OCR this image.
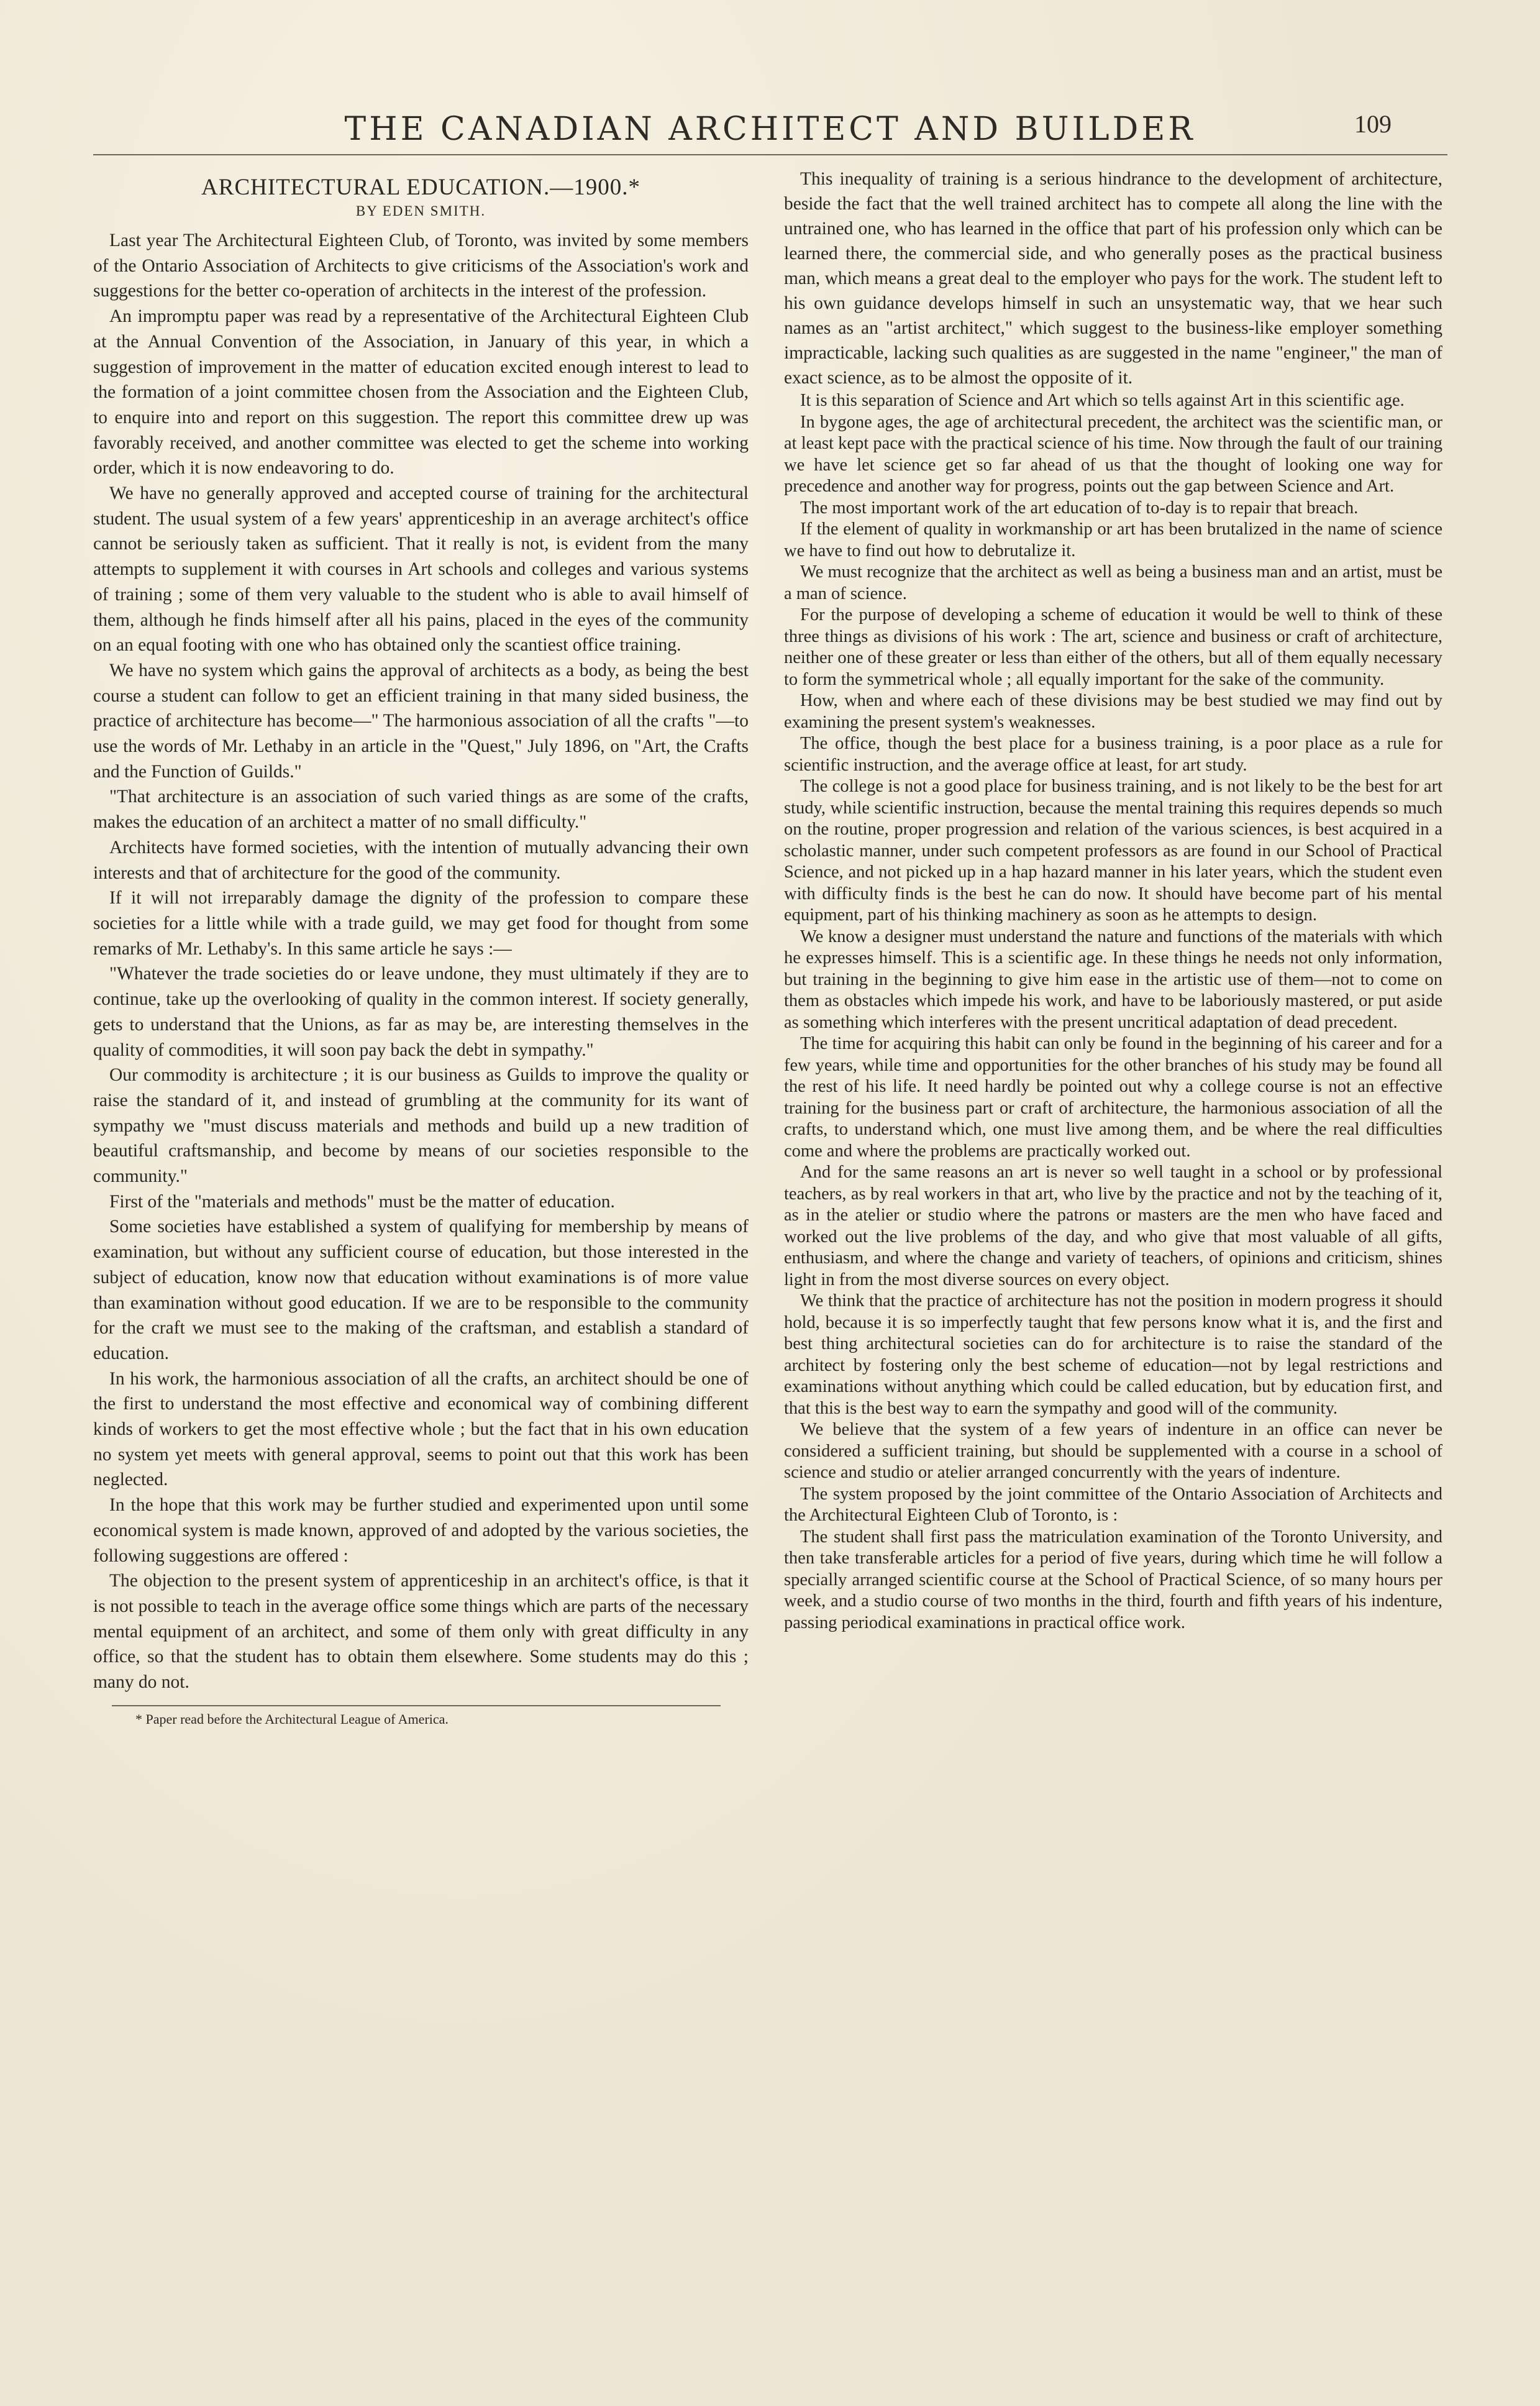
THE CANADIAN ARCHITECT AND BUILDER	109
ARCHITECTURAL EDUCATION.—1900.*
BY EDEN SMITH.

Last year The Architectural Eighteen Club, of Toronto, was invited by some members of the Ontario Association of Architects to give criticisms of the Association's work and suggestions for the better co-operation of architects in the interest of the profession.

An impromptu paper was read by a representative of the Architectural Eighteen Club at the Annual Convention of the Association, in January of this year, in which a suggestion of improvement in the matter of education excited enough interest to lead to the formation of a joint committee chosen from the Association and the Eighteen Club, to enquire into and report on this suggestion. The report this committee drew up was favorably received, and another committee was elected to get the scheme into working order, which it is now endeavoring to do.

We have no generally approved and accepted course of training for the architectural student. The usual system of a few years' apprenticeship in an average architect's office cannot be seriously taken as sufficient. That it really is not, is evident from the many attempts to supplement it with courses in Art schools and colleges and various systems of training ; some of them very valuable to the student who is able to avail himself of them, although he finds himself after all his pains, placed in the eyes of the community on an equal footing with one who has obtained only the scantiest office training.

We have no system which gains the approval of architects as a body, as being the best course a student can follow to get an efficient training in that many sided business, the practice of architecture has become—" The harmonious association of all the crafts "—to use the words of Mr. Lethaby in an article in the "Quest," July 1896, on "Art, the Crafts and the Function of Guilds."

"That architecture is an association of such varied things as are some of the crafts, makes the education of an architect a matter of no small difficulty."

Architects have formed societies, with the intention of mutually advancing their own interests and that of architecture for the good of the community.

If it will not irreparably damage the dignity of the profession to compare these societies for a little while with a trade guild, we may get food for thought from some remarks of Mr. Lethaby's. In this same article he says :—

"Whatever the trade societies do or leave undone, they must ultimately if they are to continue, take up the overlooking of quality in the common interest. If society generally, gets to understand that the Unions, as far as may be, are interesting themselves in the quality of commodities, it will soon pay back the debt in sympathy."

Our commodity is architecture ; it is our business as Guilds to improve the quality or raise the standard of it, and instead of grumbling at the community for its want of sympathy we "must discuss materials and methods and build up a new tradition of beautiful craftsmanship, and become by means of our societies responsible to the community."

First of the "materials and methods" must be the matter of education.

Some societies have established a system of qualifying for membership by means of examination, but without any sufficient course of education, but those interested in the subject of education, know now that education without examinations is of more value than examination without good education. If we are to be responsible to the community for the craft we must see to the making of the craftsman, and establish a standard of education.

In his work, the harmonious association of all the crafts, an architect should be one of the first to understand the most effective and economical way of combining different kinds of workers to get the most effective whole ; but the fact that in his own education no system yet meets with general approval, seems to point out that this work has been neglected.

In the hope that this work may be further studied and experimented upon until some economical system is made known, approved of and adopted by the various societies, the following suggestions are offered :

The objection to the present system of apprenticeship in an architect's office, is that it is not possible to teach in the average office some things which are parts of the necessary mental equipment of an architect, and some of them only with great difficulty in any office, so that the student has to obtain them elsewhere. Some students may do this ; many do not.

* Paper read before the Architectural League of America.

This inequality of training is a serious hindrance to the development of architecture, beside the fact that the well trained architect has to compete all along the line with the untrained one, who has learned in the office that part of his profession only which can be learned there, the commercial side, and who generally poses as the practical business man, which means a great deal to the employer who pays for the work. The student left to his own guidance develops himself in such an unsystematic way, that we hear such names as an "artist architect," which suggest to the business-like employer something impracticable, lacking such qualities as are suggested in the name "engineer," the man of exact science, as to be almost the opposite of it.

It is this separation of Science and Art which so tells against Art in this scientific age.

In bygone ages, the age of architectural precedent, the architect was the scientific man, or at least kept pace with the practical science of his time. Now through the fault of our training we have let science get so far ahead of us that the thought of looking one way for precedence and another way for progress, points out the gap between Science and Art.

The most important work of the art education of to-day is to repair that breach.

If the element of quality in workmanship or art has been brutalized in the name of science we have to find out how to debrutalize it.

We must recognize that the architect as well as being a business man and an artist, must be a man of science.

For the purpose of developing a scheme of education it would be well to think of these three things as divisions of his work : The art, science and business or craft of architecture, neither one of these greater or less than either of the others, but all of them equally necessary to form the symmetrical whole ; all equally important for the sake of the community.

How, when and where each of these divisions may be best studied we may find out by examining the present system's weaknesses.

The office, though the best place for a business training, is a poor place as a rule for scientific instruction, and the average office at least, for art study.

The college is not a good place for business training, and is not likely to be the best for art study, while scientific instruction, because the mental training this requires depends so much on the routine, proper progression and relation of the various sciences, is best acquired in a scholastic manner, under such competent professors as are found in our School of Practical Science, and not picked up in a hap hazard manner in his later years, which the student even with difficulty finds is the best he can do now. It should have become part of his mental equipment, part of his thinking machinery as soon as he attempts to design.

We know a designer must understand the nature and functions of the materials with which he expresses himself. This is a scientific age. In these things he needs not only information, but training in the beginning to give him ease in the artistic use of them—not to come on them as obstacles which impede his work, and have to be laboriously mastered, or put aside as something which interferes with the present uncritical adaptation of dead precedent.

The time for acquiring this habit can only be found in the beginning of his career and for a few years, while time and opportunities for the other branches of his study may be found all the rest of his life. It need hardly be pointed out why a college course is not an effective training for the business part or craft of architecture, the harmonious association of all the crafts, to understand which, one must live among them, and be where the real difficulties come and where the problems are practically worked out.

And for the same reasons an art is never so well taught in a school or by professional teachers, as by real workers in that art, who live by the practice and not by the teaching of it, as in the atelier or studio where the patrons or masters are the men who have faced and worked out the live problems of the day, and who give that most valuable of all gifts, enthusiasm, and where the change and variety of teachers, of opinions and criticism, shines light in from the most diverse sources on every object.

We think that the practice of architecture has not the position in modern progress it should hold, because it is so imperfectly taught that few persons know what it is, and the first and best thing architectural societies can do for architecture is to raise the standard of the architect by fostering only the best scheme of education—not by legal restrictions and examinations without anything which could be called education, but by education first, and that this is the best way to earn the sympathy and good will of the community.

We believe that the system of a few years of indenture in an office can never be considered a sufficient training, but should be supplemented with a course in a school of science and studio or atelier arranged concurrently with the years of indenture.

The system proposed by the joint committee of the Ontario Association of Architects and the Architectural Eighteen Club of Toronto, is :

The student shall first pass the matriculation examination of the Toronto University, and then take transferable articles for a period of five years, during which time he will follow a specially arranged scientific course at the School of Practical Science, of so many hours per week, and a studio course of two months in the third, fourth and fifth years of his indenture, passing periodical examinations in practical office work.
